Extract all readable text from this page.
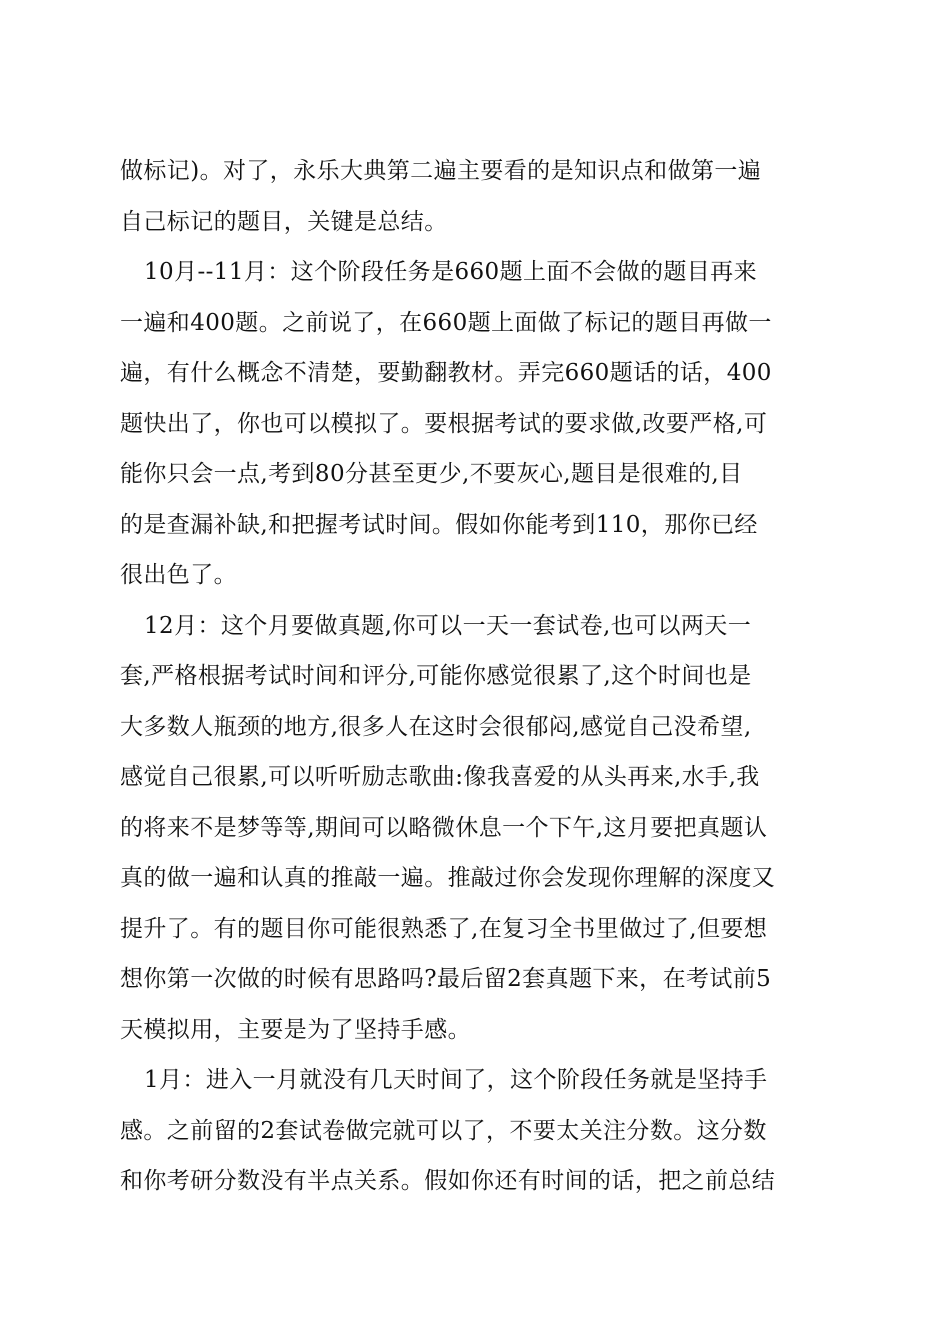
做标记)。对了，永乐大典第二遍主要看的是知识点和做第一遍
自己标记的题目，关键是总结。
10月--11月：这个阶段任务是660题上面不会做的题目再来
一遍和400题。之前说了，在660题上面做了标记的题目再做一
遍，有什么概念不清楚，要勤翻教材。弄完660题话的话，400
题快出了，你也可以模拟了。要根据考试的要求做,改要严格,可
能你只会一点,考到80分甚至更少,不要灰心,题目是很难的,目
的是查漏补缺,和把握考试时间。假如你能考到110，那你已经
很出色了。
12月：这个月要做真题,你可以一天一套试卷,也可以两天一
套,严格根据考试时间和评分,可能你感觉很累了,这个时间也是
大多数人瓶颈的地方,很多人在这时会很郁闷,感觉自己没希望,
感觉自己很累,可以听听励志歌曲:像我喜爱的从头再来,水手,我
的将来不是梦等等,期间可以略微休息一个下午,这月要把真题认
真的做一遍和认真的推敲一遍。推敲过你会发现你理解的深度又
提升了。有的题目你可能很熟悉了,在复习全书里做过了,但要想
想你第一次做的时候有思路吗?最后留2套真题下来，在考试前5
天模拟用，主要是为了坚持手感。
1月：进入一月就没有几天时间了，这个阶段任务就是坚持手
感。之前留的2套试卷做完就可以了，不要太关注分数。这分数
和你考研分数没有半点关系。假如你还有时间的话，把之前总结
